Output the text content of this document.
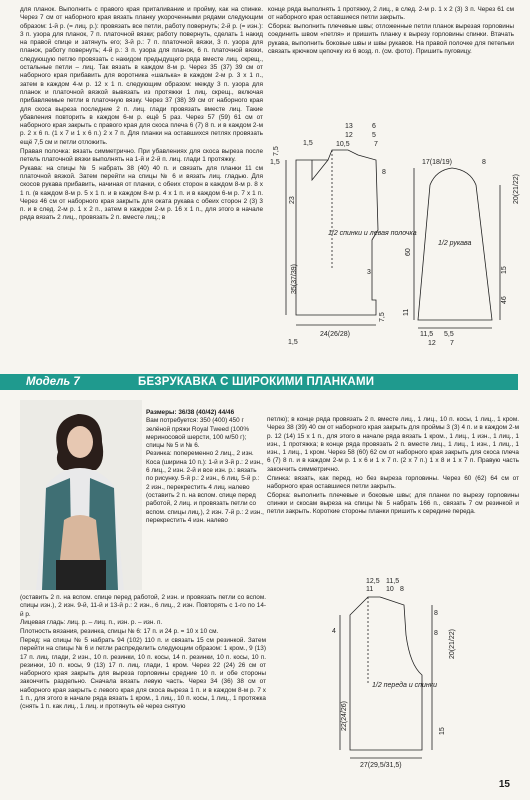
для планок. Выполнить с правого края приталивание и пройму, как на спинке. Через 7 см от наборного края вязать планку укороченными рядами следующим образом: 1-й р. (= лиц. р.): провязать все петли, работу повернуть; 2-й р. (= изн.): 3 п. узора для планок, 7 п. платочной вязки; работу повернуть, сделать 1 накид на правой спице и затянуть его; 3-й р.: 7 п. платочной вязки, 3 п. узора для планок, работу повернуть; 4-й р.: 3 п. узора для планок, 6 п. платочной вязки, следующую петлю провязать с накидом предыдущего ряда вместе лиц. скрещ., остальные петли – лиц. Так вязать в каждом 8-м р. Через 35 (37) 39 см от наборного края прибавить для воротника «шалька» в каждом 2-м р. 3 х 1 п., затем в каждом 4-м р. 12 х 1 п. следующим образом: между 3 п. узора для планок и платочной вязкой вывязать из протяжки 1 лиц. скрещ., включая прибавляемые петли в платочную вязку. Через 37 (38) 39 см от наборного края для скоса выреза последние 2 п. лиц. глади провязать вместе лиц. Такие убавления повторить в каждом 6-м р. ещё 5 раз. Через 57 (59) 61 см от наборного края закрыть с правого края для скоса плеча 6 (7) 8 п. и в каждом 2-м р. 2 х 6 п. (1 х 7 и 1 х 6 п.) 2 х 7 п. Для планки на оставшихся петлях провязать ещё 7,5 см и петли отложить.

Правая полочка: вязать симметрично. При убавлениях для скоса выреза после петель платочной вязки выполнять на 1-й и 2-й п. лиц. глади 1 протяжку.

Рукава: на спицы № 5 набрать 38 (40) 40 п. и связать для планки 11 см платочной вязкой. Затем перейти на спицы № 6 и вязать лиц. гладью. Для скосов рукава прибавить, начиная от планки, с обеих сторон в каждом 8-м р. 8 х 1 п. (в каждом 8-м р. 5 х 1 п. и в каждом 8-м р. 4 х 1 п. и в каждом 6-м р. 7 х 1 п. Через 46 см от наборного края закрыть для оката рукава с обеих сторон 2 (3) 3 п. и в след. 2-м р. 1 х 2 п., затем в каждом 2-м р. 16 х 1 п., для этого в начале ряда вязать 2 лиц., провязать 2 п. вместе лиц.; в

конце ряда выполнять 1 протяжку, 2 лиц., в след. 2-м р. 1 х 2 (3) 3 п. Через 61 см от наборного края оставшиеся петли закрыть.

Сборка: выполнить плечевые швы; отложенные петли планок вырезая горловины соединить швом «петля» и пришить планку к вырезу горловины спинки. Втачать рукава, выполнить боковые швы и швы рукавов. На правой полочке для петельки связать крючком цепочку из 6 возд. п. (см. фото). Пришить пуговицу.

1,5
13	6
12	5
10,5	7
7,5
8
1,5
23
35(37/39)
1/2 спинки и левая полочка
3
24(26/28)
7,5
1,5
17(18/19)	8
20(21/22)
60
15
1/2 рукава
46
11
11,5 5,5
12 7
Модель 7	БЕЗРУКАВКА С ШИРОКИМИ ПЛАНКАМИ

Размеры: 36/38 (40/42) 44/46

Вам потребуется: 350 (400) 450 г зелёной пряжи Royal Tweed (100% мериносовой шерсти, 100 м/50 г); спицы № 5 и № 6.

Резинка: попеременно 2 лиц., 2 изн.

Коса (ширина 10 п.): 1-й и 3-й р.: 2 изн., 6 лиц., 2 изн. 2-й и все изн. р.: вязать по рисунку. 5-й р.: 2 изн., 6 лиц. 5-й р.: 2 изн., перекрестить 4 лиц. налево (оставить 2 п. на вспом. спице перед работой, 2 лиц. и провязать петли со вспом. спицы лиц.), 2 изн. 7-й р.: 2 изн., перекрестить 4 изн. налево

(оставить 2 п. на вспом. спице перед работой, 2 изн. и провязать петли со вспом. спицы изн.), 2 изн. 9-й, 11-й и 13-й р.: 2 изн., 6 лиц., 2 изн. Повторять с 1-го по 14-й р.

Лицевая гладь: лиц. р. – лиц. п., изн. р. – изн. п.

Плотность вязания, резинка, спицы № 6: 17 п. и 24 р. = 10 х 10 см.

Перед: на спицы № 5 набрать 94 (102) 110 п. и связать 15 см резинкой. Затем перейти на спицы № 6 и петли распределить следующим образом: 1 кром., 9 (13) 17 п. лиц. глади, 2 изн., 10 п. резинки, 10 п. косы, 14 п. резинки, 10 п. косы, 10 п. резинки, 10 п. косы, 9 (13) 17 п. лиц. глади, 1 кром. Через 22 (24) 26 см от наборного края закрыть для выреза горловины средние 10 п. и обе стороны закончить раздельно. Сначала вязать левую часть. Через 34 (36) 38 см от наборного края закрыть с левого края для скоса выреза 1 п. и в каждом 8-м р. 7 х 1 п., для этого в начале ряда вязать 1 кром., 1 лиц., 10 п. косы, 1 лиц., 1 протяжка (снять 1 п. как лиц., 1 лиц. и протянуть её через снятую

петлю); в конце ряда провязать 2 п. вместе лиц., 1 лиц., 10 п. косы, 1 лиц., 1 кром. Через 38 (39) 40 см от наборного края закрыть для проймы 3 (3) 4 п. и в каждом 2-м р. 12 (14) 15 х 1 п., для этого в начале ряда вязать 1 кром., 1 лиц., 1 изн., 1 лиц., 1 изн., 1 протяжка; в конце ряда провязать 2 п. вместе лиц., 1 лиц., 1 изн., 1 лиц., 1 изн., 1 лиц., 1 кром. Через 58 (60) 62 см от наборного края закрыть для скоса плеча 6 (7) 8 п. и в каждом 2-м р. 1 х 6 и 1 х 7 п. (2 х 7 п.) 1 х 8 и 1 х 7 п. Правую часть закончить симметрично.

Спинка: вязать, как перед, но без выреза горловины. Через 60 (62) 64 см от наборного края оставшиеся петли закрыть.

Сборка: выполнить плечевые и боковые швы; для планки по вырезу горловины спинки и скосам выреза на спицы № 5 набрать 166 п., связать 7 см резинкой и петли закрыть. Короткие стороны планки пришить к середине переда.

12,5
11
11,5
10 8
8
4	8 20(21/22)
1/2 переда и спинки
22(24/26)
15
27(29,5/31,5)
15
